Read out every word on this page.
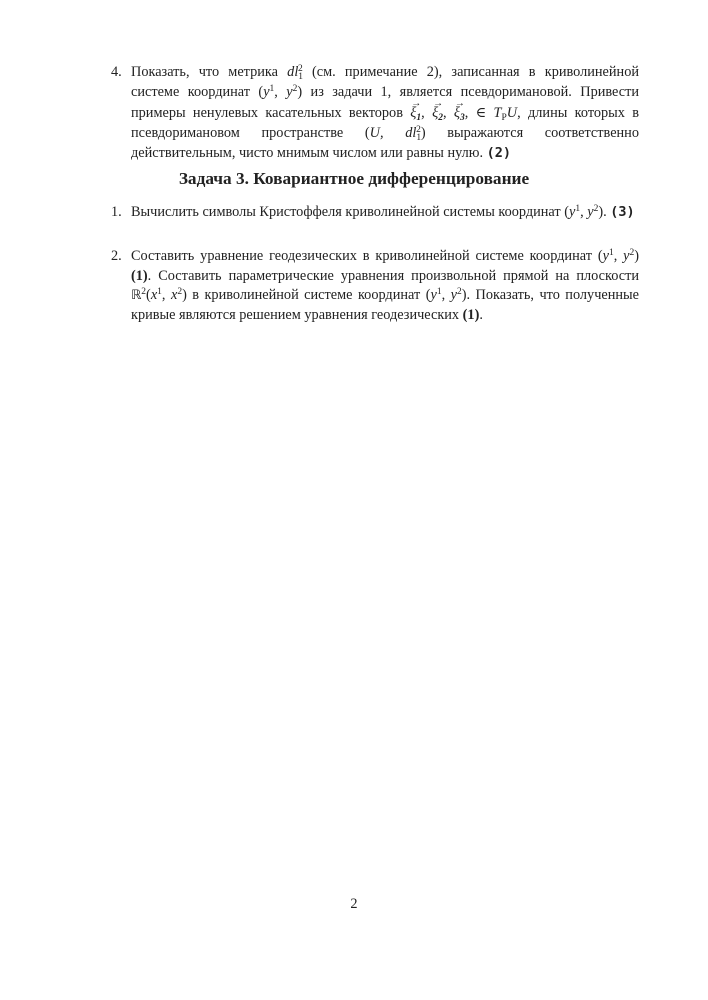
4. Показать, что метрика $dl_1^2$ (см. примечание 2), записанная в криволинейной системе координат ($y^1$, $y^2$) из задачи 1, является псевдоримановой. Привести примеры ненулевых касательных векторов ξ
→
$_1$, ξ
→
$_2$, ξ
→
$_3$, ∈ $T_PU$, длины которых в псевдоримановом пространстве (U, $dl_1^2$) выражаются соответственно действительным, чисто мнимым числом или равны нулю. (2)
Задача 3. Ковариантное дифференцирование
1. Вычислить символы Кристоффеля криволинейной системы координат ($y^1$, $y^2$). (3)
2. Составить уравнение геодезических в криволинейной системе координат ($y^1$, $y^2$) (1). Составить параметрические уравнения произвольной прямой на плоскости $ℝ^2(x^1$, $x^2$) в криволинейной системе координат ($y^1$, $y^2$). Показать, что полученные кривые являются решением уравнения геодезических (1).
2
